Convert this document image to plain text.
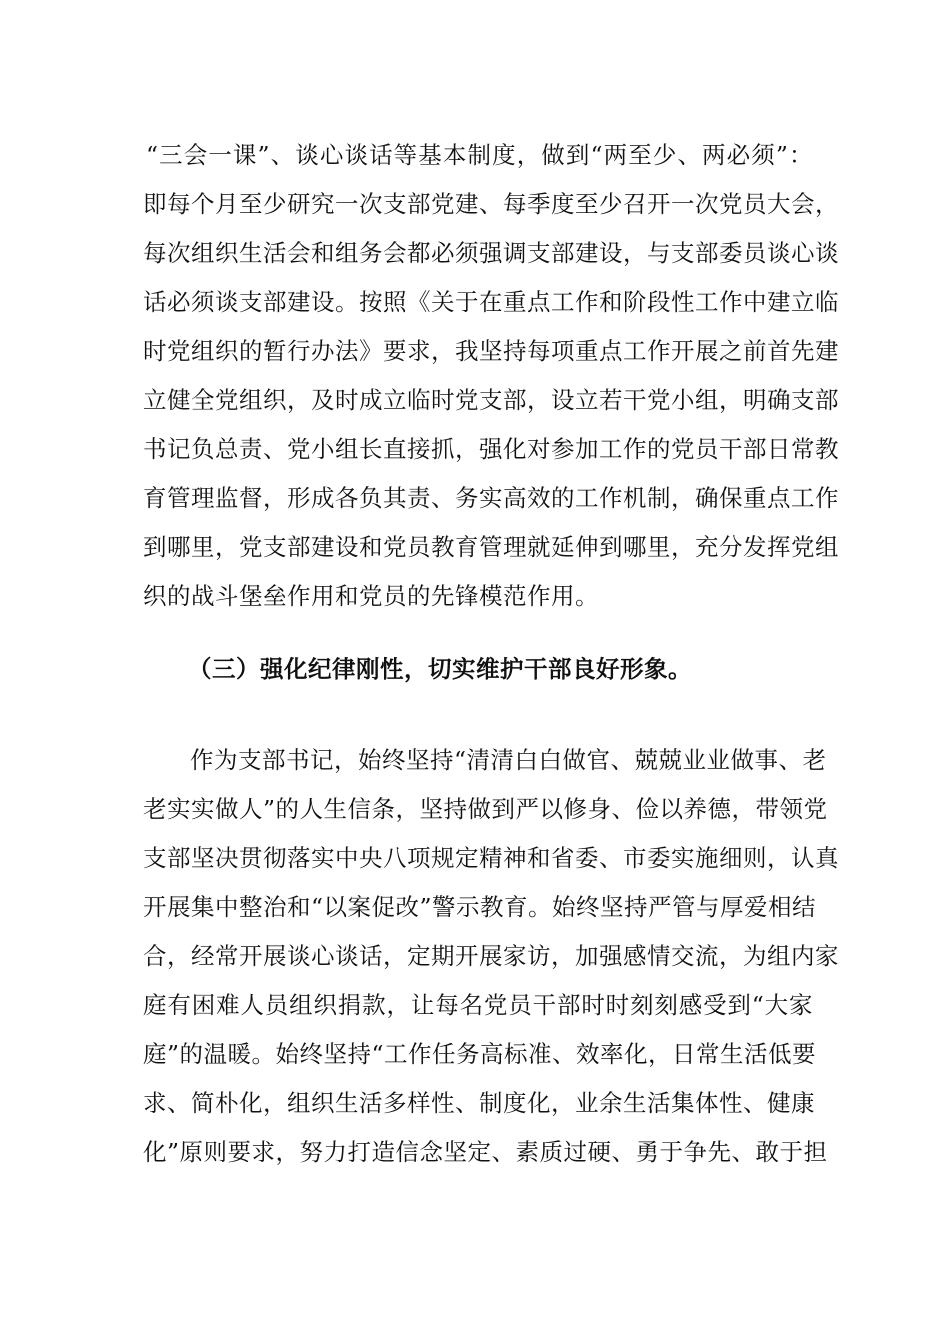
“三会一课”、谈心谈话等基本制度，做到“两至少、两必须”：
即每个月至少研究一次支部党建、每季度至少召开一次党员大会，
每次组织生活会和组务会都必须强调支部建设，与支部委员谈心谈
话必须谈支部建设。按照《关于在重点工作和阶段性工作中建立临
时党组织的暂行办法》要求，我坚持每项重点工作开展之前首先建
立健全党组织，及时成立临时党支部，设立若干党小组，明确支部
书记负总责、党小组长直接抓，强化对参加工作的党员干部日常教
育管理监督，形成各负其责、务实高效的工作机制，确保重点工作
到哪里，党支部建设和党员教育管理就延伸到哪里，充分发挥党组
织的战斗堡垒作用和党员的先锋模范作用。
（三）强化纪律刚性，切实维护干部良好形象。
作为支部书记，始终坚持“清清白白做官、兢兢业业做事、老
老实实做人”的人生信条，坚持做到严以修身、俭以养德，带领党
支部坚决贯彻落实中央八项规定精神和省委、市委实施细则，认真
开展集中整治和“以案促改”警示教育。始终坚持严管与厚爱相结
合，经常开展谈心谈话，定期开展家访，加强感情交流，为组内家
庭有困难人员组织捐款，让每名党员干部时时刻刻感受到“大家
庭”的温暖。始终坚持“工作任务高标准、效率化，日常生活低要
求、简朴化，组织生活多样性、制度化，业余生活集体性、健康
化”原则要求，努力打造信念坚定、素质过硬、勇于争先、敢于担
